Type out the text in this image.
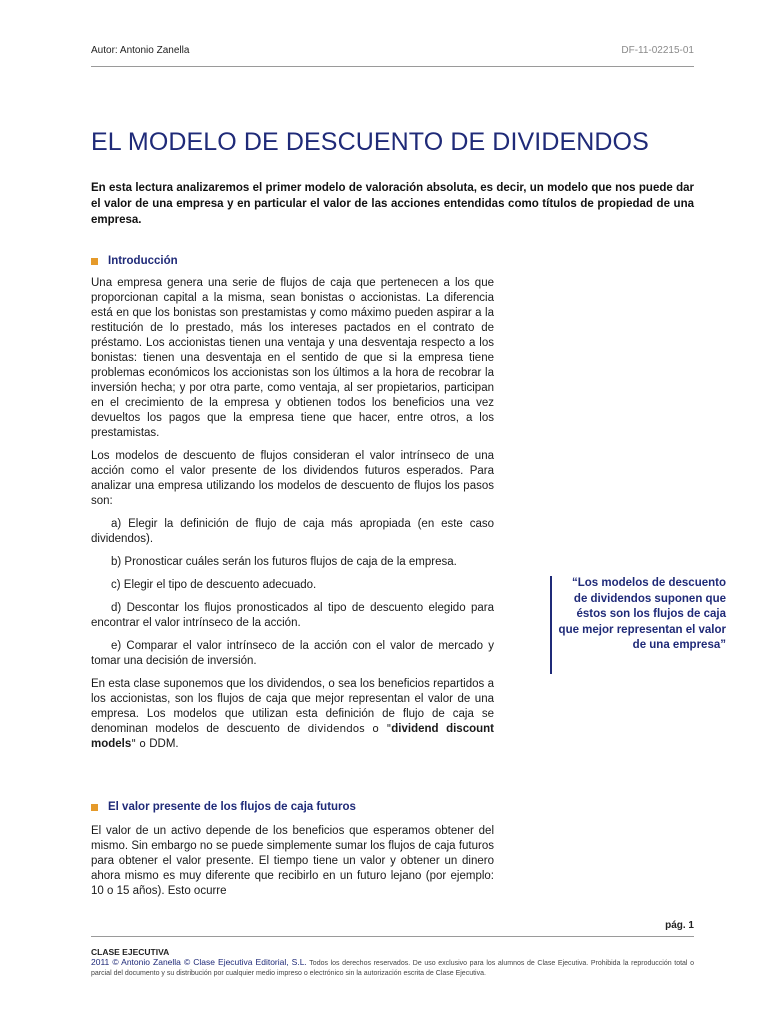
Autor: Antonio Zanella	DF-11-02215-01
EL MODELO DE DESCUENTO DE DIVIDENDOS
En esta lectura analizaremos el primer modelo de valoración absoluta, es decir, un modelo que nos puede dar el valor de una empresa y en particular el valor de las acciones entendidas como títulos de propiedad de una empresa.
Introducción

Una empresa genera una serie de flujos de caja que pertenecen a los que proporcionan capital a la misma, sean bonistas o accionistas. La diferencia está en que los bonistas son prestamistas y como máximo pueden aspirar a la restitución de lo prestado, más los intereses pactados en el contrato de préstamo. Los accionistas tienen una ventaja y una desventaja respecto a los bonistas: tienen una desventaja en el sentido de que si la empresa tiene problemas económicos los accionistas son los últimos a la hora de recobrar la inversión hecha; y por otra parte, como ventaja, al ser propietarios, participan en el crecimiento de la empresa y obtienen todos los beneficios una vez devueltos los pagos que la empresa tiene que hacer, entre otros, a los prestamistas.

Los modelos de descuento de flujos consideran el valor intrínseco de una acción como el valor presente de los dividendos futuros esperados. Para analizar una empresa utilizando los modelos de descuento de flujos los pasos son:

a) Elegir la definición de flujo de caja más apropiada (en este caso dividendos).

b) Pronosticar cuáles serán los futuros flujos de caja de la empresa.

c) Elegir el tipo de descuento adecuado.

d) Descontar los flujos pronosticados al tipo de descuento elegido para encontrar el valor intrínseco de la acción.

e) Comparar el valor intrínseco de la acción con el valor de mercado y tomar una decisión de inversión.

En esta clase suponemos que los dividendos, o sea los beneficios repartidos a los accionistas, son los flujos de caja que mejor representan el valor de una empresa. Los modelos que utilizan esta definición de flujo de caja se denominan modelos de descuento de dividendos o "dividend discount models" o DDM.

“Los modelos de descuento de dividendos suponen que éstos son los flujos de caja que mejor representan el valor de una empresa”
El valor presente de los flujos de caja futuros

El valor de un activo depende de los beneficios que esperamos obtener del mismo. Sin embargo no se puede simplemente sumar los flujos de caja futuros para obtener el valor presente. El tiempo tiene un valor y obtener un dinero ahora mismo es muy diferente que recibirlo en un futuro lejano (por ejemplo: 10 o 15 años). Esto ocurre

pág. 1
CLASE EJECUTIVA
2011 © Antonio Zanella © Clase Ejecutiva Editorial, S.L. Todos los derechos reservados. De uso exclusivo para los alumnos de Clase Ejecutiva. Prohibida la reproducción total o parcial del documento y su distribución por cualquier medio impreso o electrónico sin la autorización escrita de Clase Ejecutiva.
